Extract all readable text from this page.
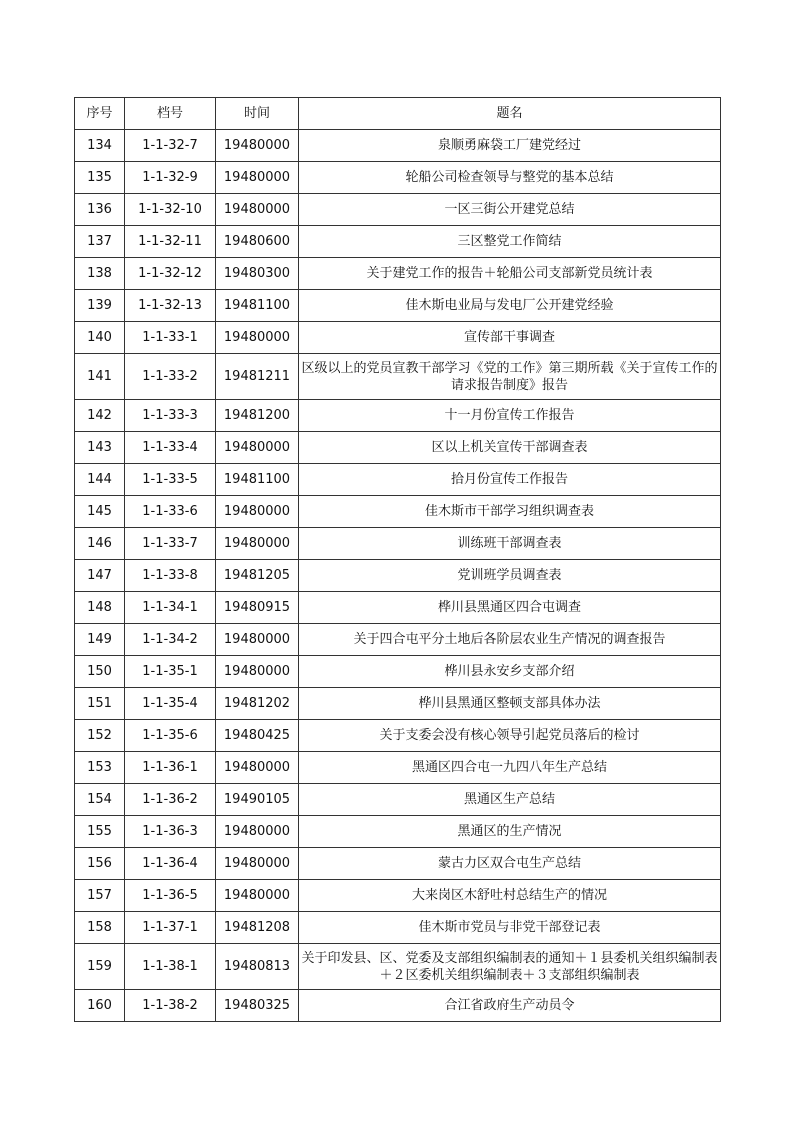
序号	档号	时间	题名
134	1-1-32-7	19480000	泉顺勇麻袋工厂建党经过
135	1-1-32-9	19480000	轮船公司检查领导与整党的基本总结
136	1-1-32-10	19480000	一区三街公开建党总结
137	1-1-32-11	19480600	三区整党工作简结
138	1-1-32-12	19480300	关于建党工作的报告＋轮船公司支部新党员统计表
139	1-1-32-13	19481100	佳木斯电业局与发电厂公开建党经验
140	1-1-33-1	19480000	宣传部干事调查
141	1-1-33-2	19481211	区级以上的党员宣教干部学习《党的工作》第三期所载《关于宣传工作的请求报告制度》报告
142	1-1-33-3	19481200	十一月份宣传工作报告
143	1-1-33-4	19480000	区以上机关宣传干部调查表
144	1-1-33-5	19481100	拾月份宣传工作报告
145	1-1-33-6	19480000	佳木斯市干部学习组织调查表
146	1-1-33-7	19480000	训练班干部调查表
147	1-1-33-8	19481205	党训班学员调查表
148	1-1-34-1	19480915	桦川县黑通区四合屯调查
149	1-1-34-2	19480000	关于四合屯平分土地后各阶层农业生产情况的调查报告
150	1-1-35-1	19480000	桦川县永安乡支部介绍
151	1-1-35-4	19481202	桦川县黑通区整顿支部具体办法
152	1-1-35-6	19480425	关于支委会没有核心领导引起党员落后的检讨
153	1-1-36-1	19480000	黑通区四合屯一九四八年生产总结
154	1-1-36-2	19490105	黑通区生产总结
155	1-1-36-3	19480000	黑通区的生产情况
156	1-1-36-4	19480000	蒙古力区双合屯生产总结
157	1-1-36-5	19480000	大来岗区木舒吐村总结生产的情况
158	1-1-37-1	19481208	佳木斯市党员与非党干部登记表
159	1-1-38-1	19480813	关于印发县、区、党委及支部组织编制表的通知＋１县委机关组织编制表＋２区委机关组织编制表＋３支部组织编制表
160	1-1-38-2	19480325	合江省政府生产动员令
